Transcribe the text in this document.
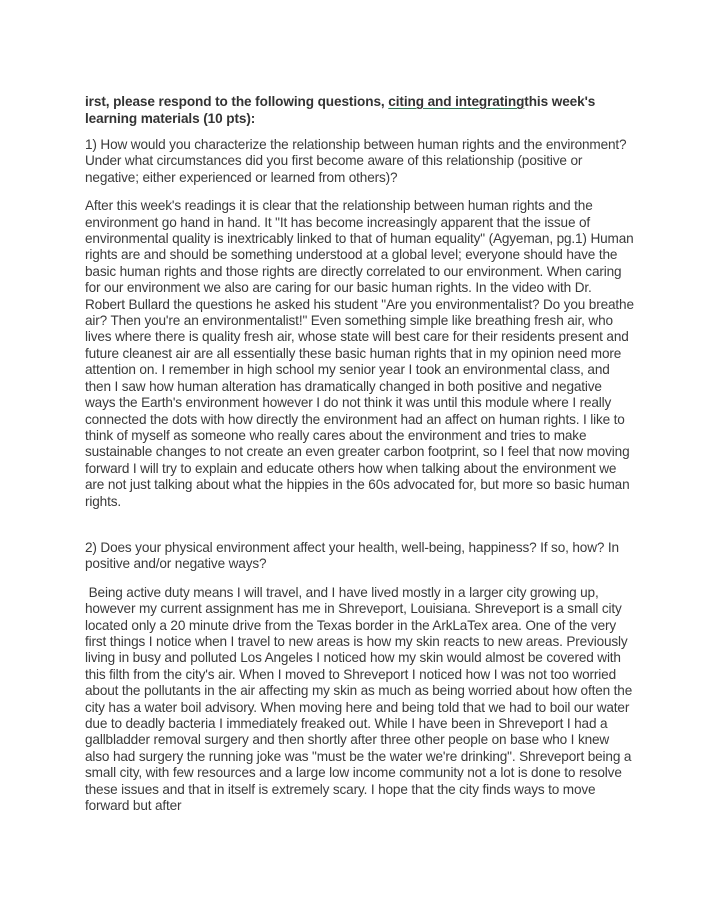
irst, please respond to the following questions, citing and integratingthis week's learning materials (10 pts):

1) How would you characterize the relationship between human rights and the environment? Under what circumstances did you first become aware of this relationship (positive or negative; either experienced or learned from others)?

After this week's readings it is clear that the relationship between human rights and the environment go hand in hand. It "It has become increasingly apparent that the issue of environmental quality is inextricably linked to that of human equality" (Agyeman, pg.1) Human rights are and should be something understood at a global level; everyone should have the basic human rights and those rights are directly correlated to our environment. When caring for our environment we also are caring for our basic human rights. In the video with Dr. Robert Bullard the questions he asked his student "Are you environmentalist? Do you breathe air? Then you're an environmentalist!" Even something simple like breathing fresh air, who lives where there is quality fresh air, whose state will best care for their residents present and future cleanest air are all essentially these basic human rights that in my opinion need more attention on. I remember in high school my senior year I took an environmental class, and then I saw how human alteration has dramatically changed in both positive and negative ways the Earth's environment however I do not think it was until this module where I really connected the dots with how directly the environment had an affect on human rights. I like to think of myself as someone who really cares about the environment and tries to make sustainable changes to not create an even greater carbon footprint, so I feel that now moving forward I will try to explain and educate others how when talking about the environment we are not just talking about what the hippies in the 60s advocated for, but more so basic human rights.

2) Does your physical environment affect your health, well-being, happiness? If so, how? In positive and/or negative ways?

Being active duty means I will travel, and I have lived mostly in a larger city growing up, however my current assignment has me in Shreveport, Louisiana. Shreveport is a small city located only a 20 minute drive from the Texas border in the ArkLaTex area. One of the very first things I notice when I travel to new areas is how my skin reacts to new areas. Previously living in busy and polluted Los Angeles I noticed how my skin would almost be covered with this filth from the city's air. When I moved to Shreveport I noticed how I was not too worried about the pollutants in the air affecting my skin as much as being worried about how often the city has a water boil advisory. When moving here and being told that we had to boil our water due to deadly bacteria I immediately freaked out. While I have been in Shreveport I had a gallbladder removal surgery and then shortly after three other people on base who I knew also had surgery the running joke was "must be the water we're drinking". Shreveport being a small city, with few resources and a large low income community not a lot is done to resolve these issues and that in itself is extremely scary. I hope that the city finds ways to move forward but after
